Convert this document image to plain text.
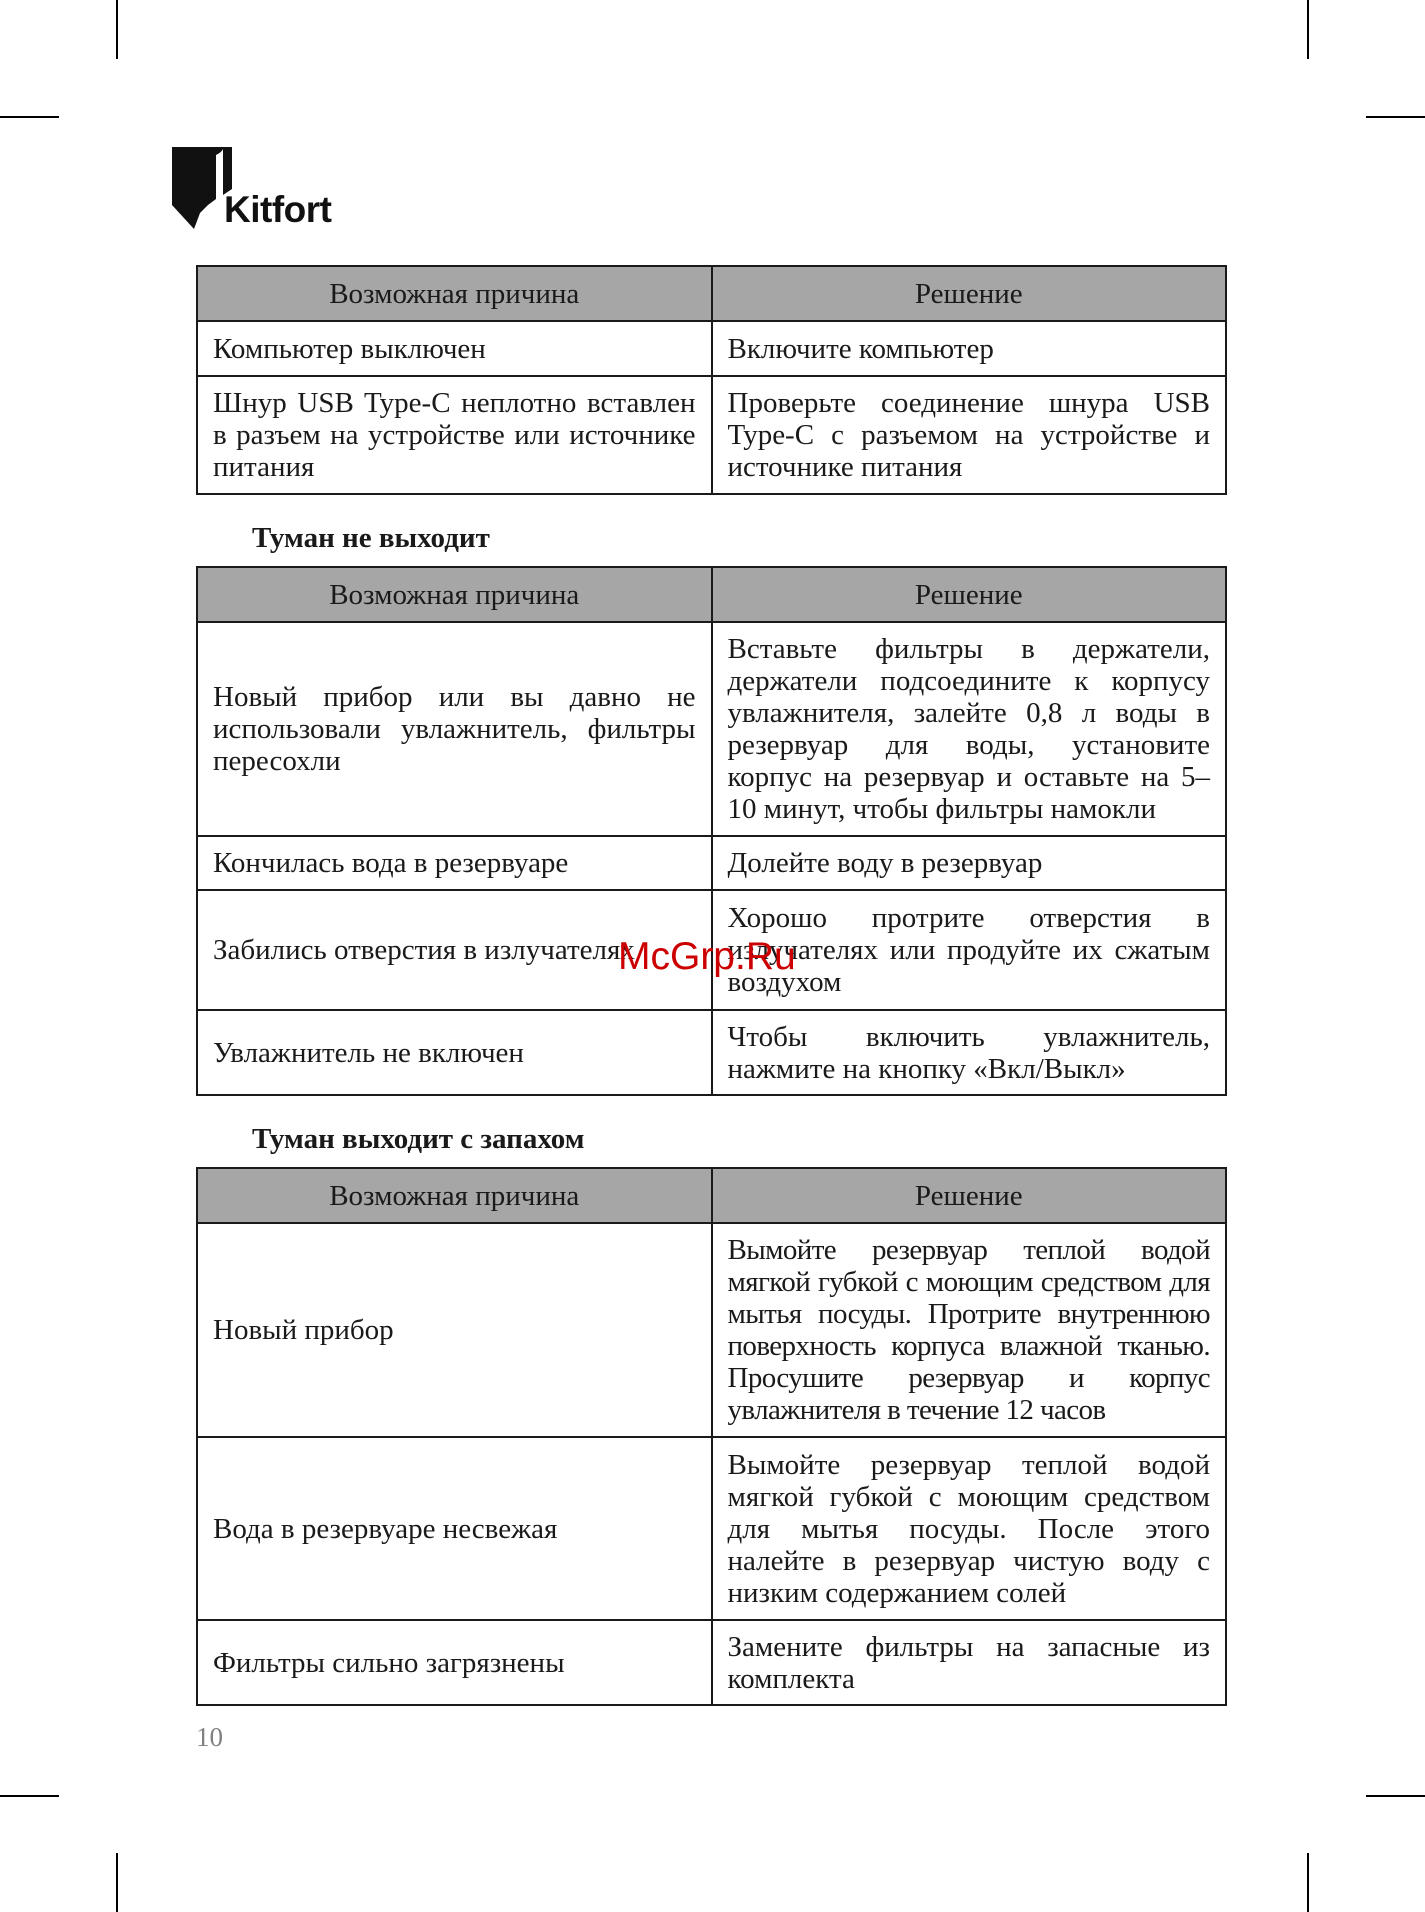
Kitfort
Возможная причина	Решение
Компьютер выключен	Включите компьютер
Шнур USB Type-C неплотно вставлен в разъем на устройстве или источнике питания	Проверьте соединение шнура USB Type-C с разъемом на устройстве и источнике питания
Туман не выходит
Возможная причина	Решение
Новый прибор или вы давно не использовали увлажнитель, фильтры пересохли	Вставьте фильтры в держатели, держатели подсоедините к корпусу увлажнителя, залейте 0,8 л воды в резервуар для воды, установите корпус на резервуар и оставьте на 5–10 минут, чтобы фильтры намокли
Кончилась вода в резервуаре	Долейте воду в резервуар
Забились отверстия в излучателях	Хорошо протрите отверстия в излучателях или продуйте их сжатым воздухом
Увлажнитель не включен	Чтобы включить увлажнитель, нажмите на кнопку «Вкл/Выкл»
Туман выходит с запахом
Возможная причина	Решение
Новый прибор	Вымойте резервуар теплой водой мягкой губкой с моющим средством для мытья посуды. Протрите внутреннюю поверхность корпуса влажной тканью. Просушите резервуар и корпус увлажнителя в течение 12 часов
Вода в резервуаре несвежая	Вымойте резервуар теплой водой мягкой губкой с моющим средством для мытья посуды. После этого налейте в резервуар чистую воду с низким содержанием солей
Фильтры сильно загрязнены	Замените фильтры на запасные из комплекта
10
McGrp.Ru
